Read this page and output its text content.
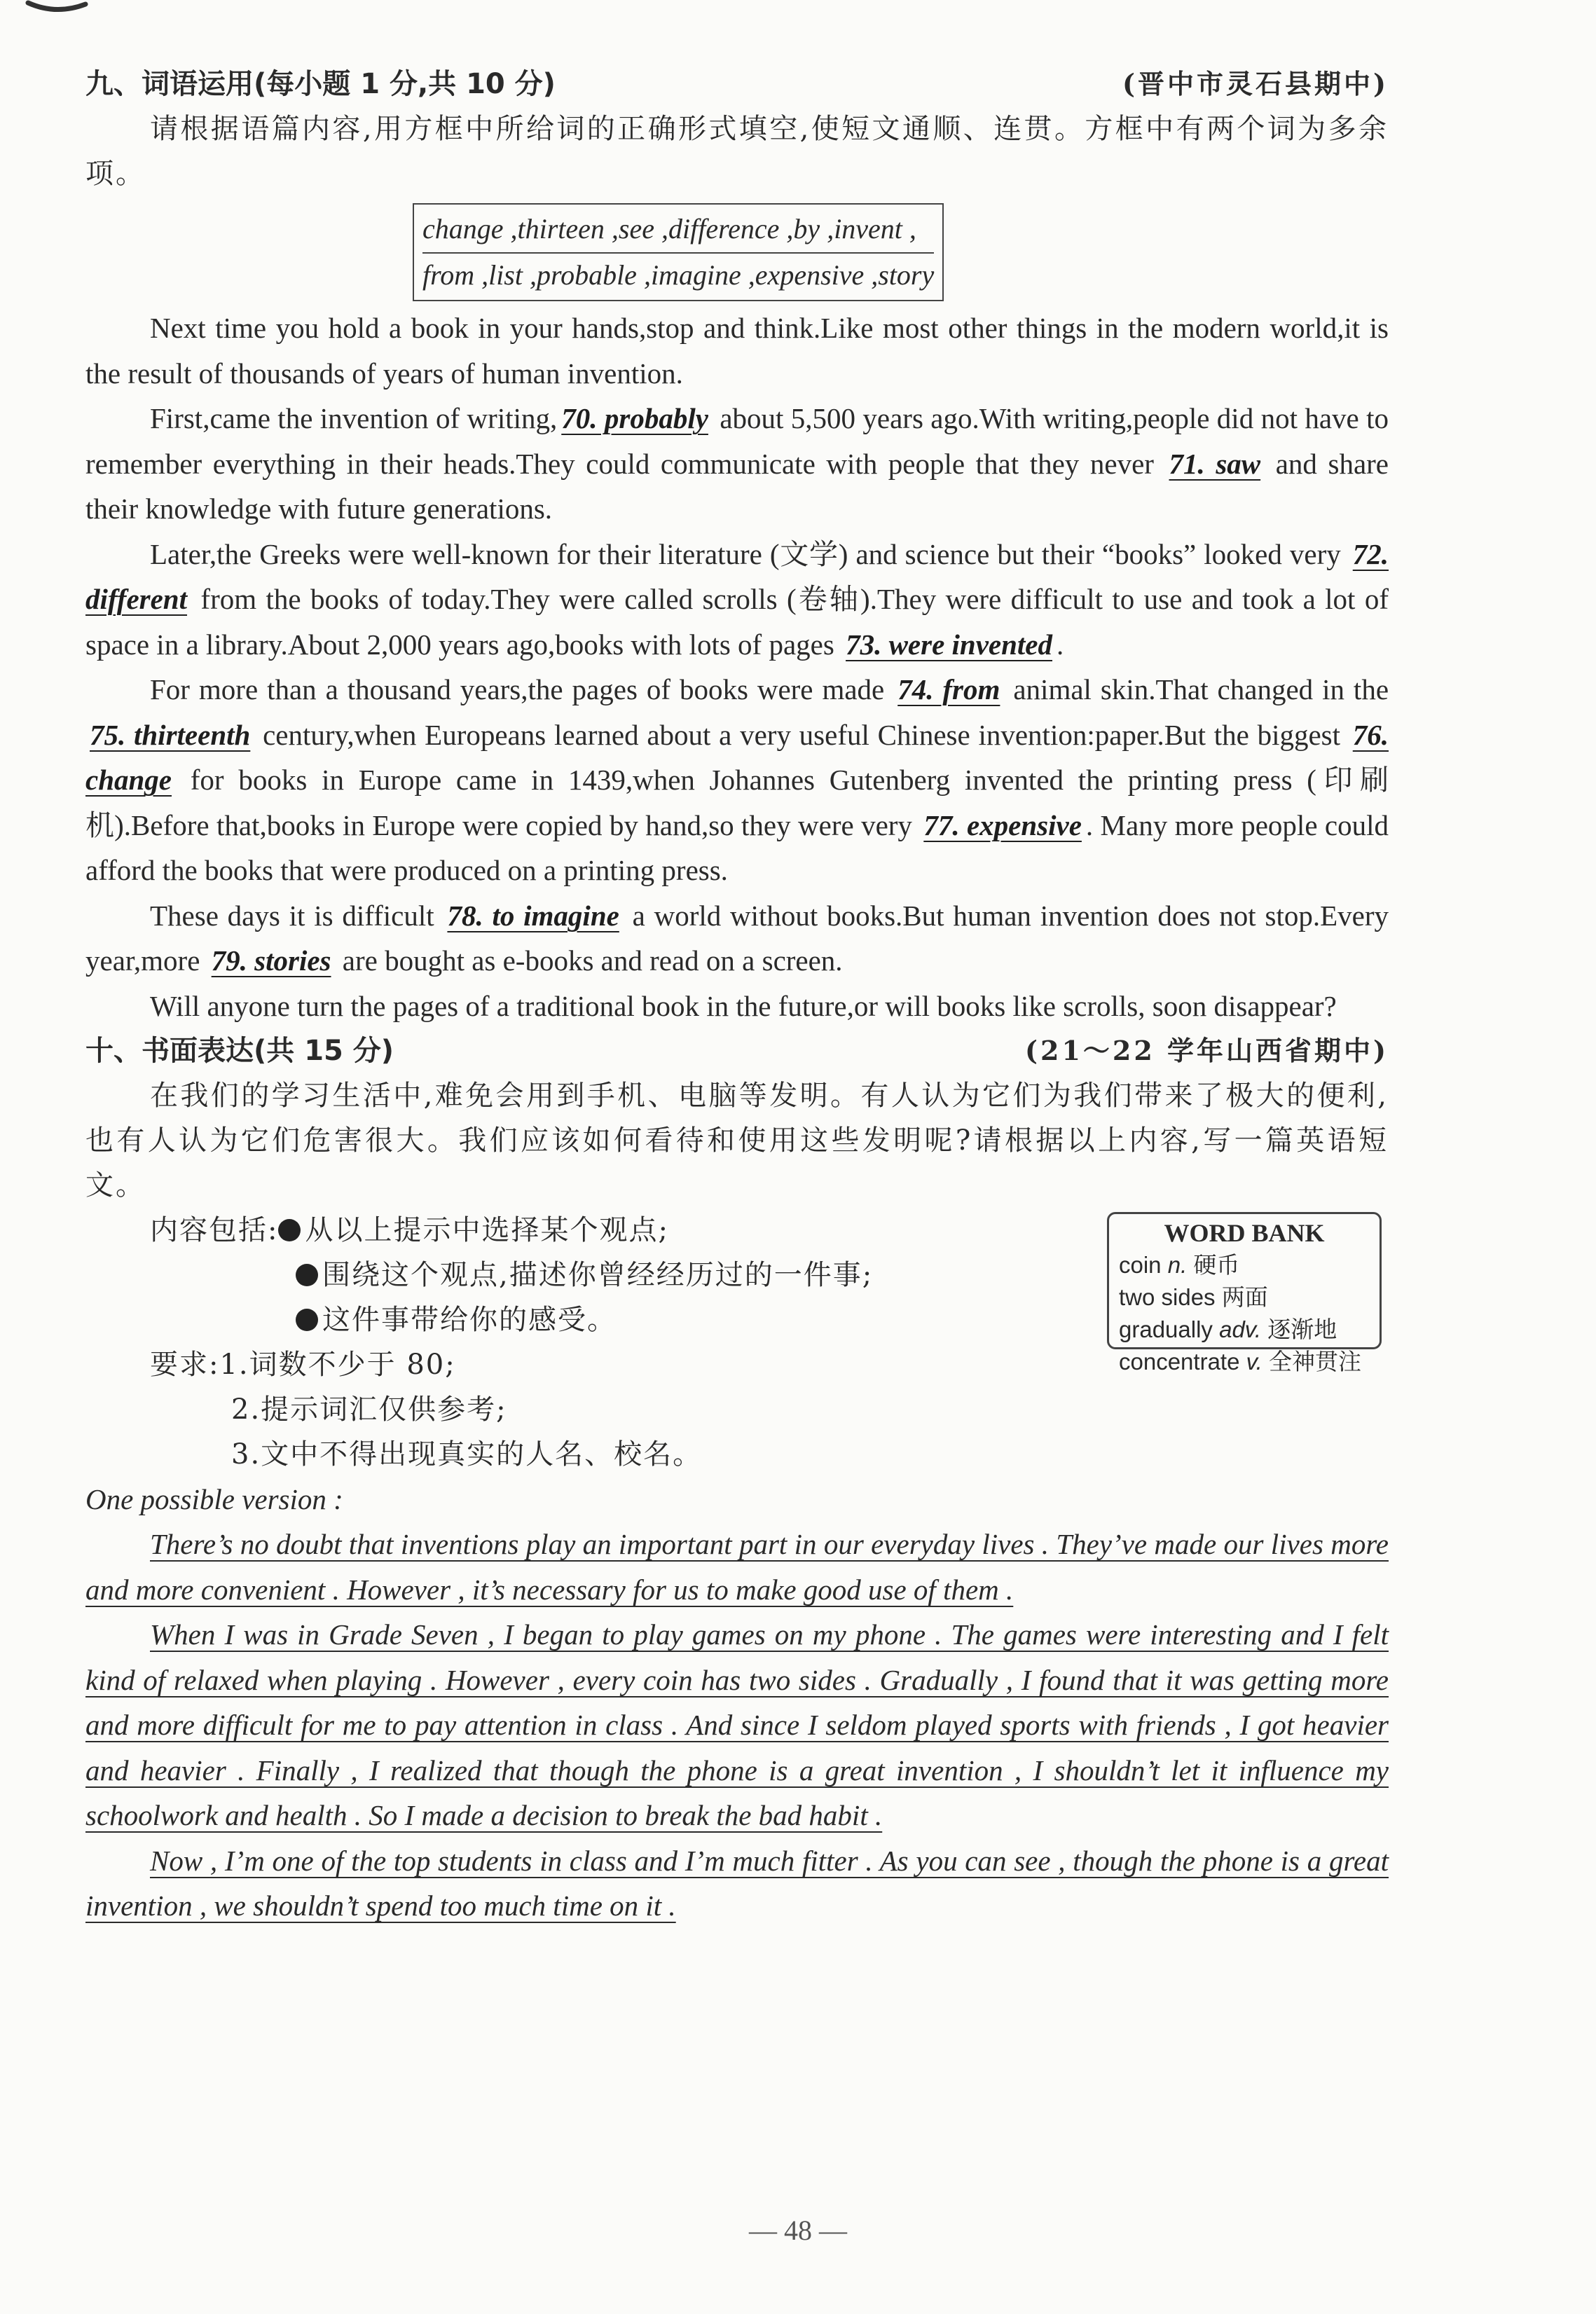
九、词语运用(每小题 1 分,共 10 分)	(晋中市灵石县期中)

请根据语篇内容,用方框中所给词的正确形式填空,使短文通顺、连贯。方框中有两个词为多余项。

change ,thirteen ,see ,difference ,by ,invent ,
from ,list ,probable ,imagine ,expensive ,story

Next time you hold a book in your hands,stop and think.Like most other things in the modern world,it is the result of thousands of years of human invention.

First,came the invention of writing, 70. probably about 5,500 years ago.With writing,people did not have to remember everything in their heads.They could communicate with people that they never 71. saw and share their knowledge with future generations.

Later,the Greeks were well-known for their literature (文学) and science but their “books” looked very 72. different from the books of today.They were called scrolls (卷轴).They were difficult to use and took a lot of space in a library.About 2,000 years ago,books with lots of pages 73. were invented .

For more than a thousand years,the pages of books were made 74. from animal skin.That changed in the 75. thirteenth century,when Europeans learned about a very useful Chinese invention:paper.But the biggest 76. change for books in Europe came in 1439,when Johannes Gutenberg invented the printing press (印刷机).Before that,books in Europe were copied by hand,so they were very 77. expensive . Many more people could afford the books that were produced on a printing press.

These days it is difficult 78. to imagine a world without books.But human invention does not stop.Every year,more 79. stories are bought as e-books and read on a screen.

Will anyone turn the pages of a traditional book in the future,or will books like scrolls, soon disappear?

十、书面表达(共 15 分)	(21～22 学年山西省期中)

在我们的学习生活中,难免会用到手机、电脑等发明。有人认为它们为我们带来了极大的便利,也有人认为它们危害很大。我们应该如何看待和使用这些发明呢?请根据以上内容,写一篇英语短文。

WORD BANK
coin n. 硬币
two sides 两面
gradually adv. 逐渐地
concentrate v. 全神贯注
内容包括: 从以上提示中选择某个观点;
围绕这个观点,描述你曾经经历过的一件事;
这件事带给你的感受。
要求:1.词数不少于 80;
2.提示词汇仅供参考;
3.文中不得出现真实的人名、校名。
One possible version :

There’s no doubt that inventions play an important part in our everyday lives . They’ve made our lives more and more convenient . However , it’s necessary for us to make good use of them .

When I was in Grade Seven , I began to play games on my phone . The games were interesting and I felt kind of relaxed when playing . However , every coin has two sides . Gradually , I found that it was getting more and more difficult for me to pay attention in class . And since I seldom played sports with friends , I got heavier and heavier . Finally , I realized that though the phone is a great invention , I shouldn’t let it influence my schoolwork and health . So I made a decision to break the bad habit .

Now , I’m one of the top students in class and I’m much fitter . As you can see , though the phone is a great invention , we shouldn’t spend too much time on it .

— 48 —
